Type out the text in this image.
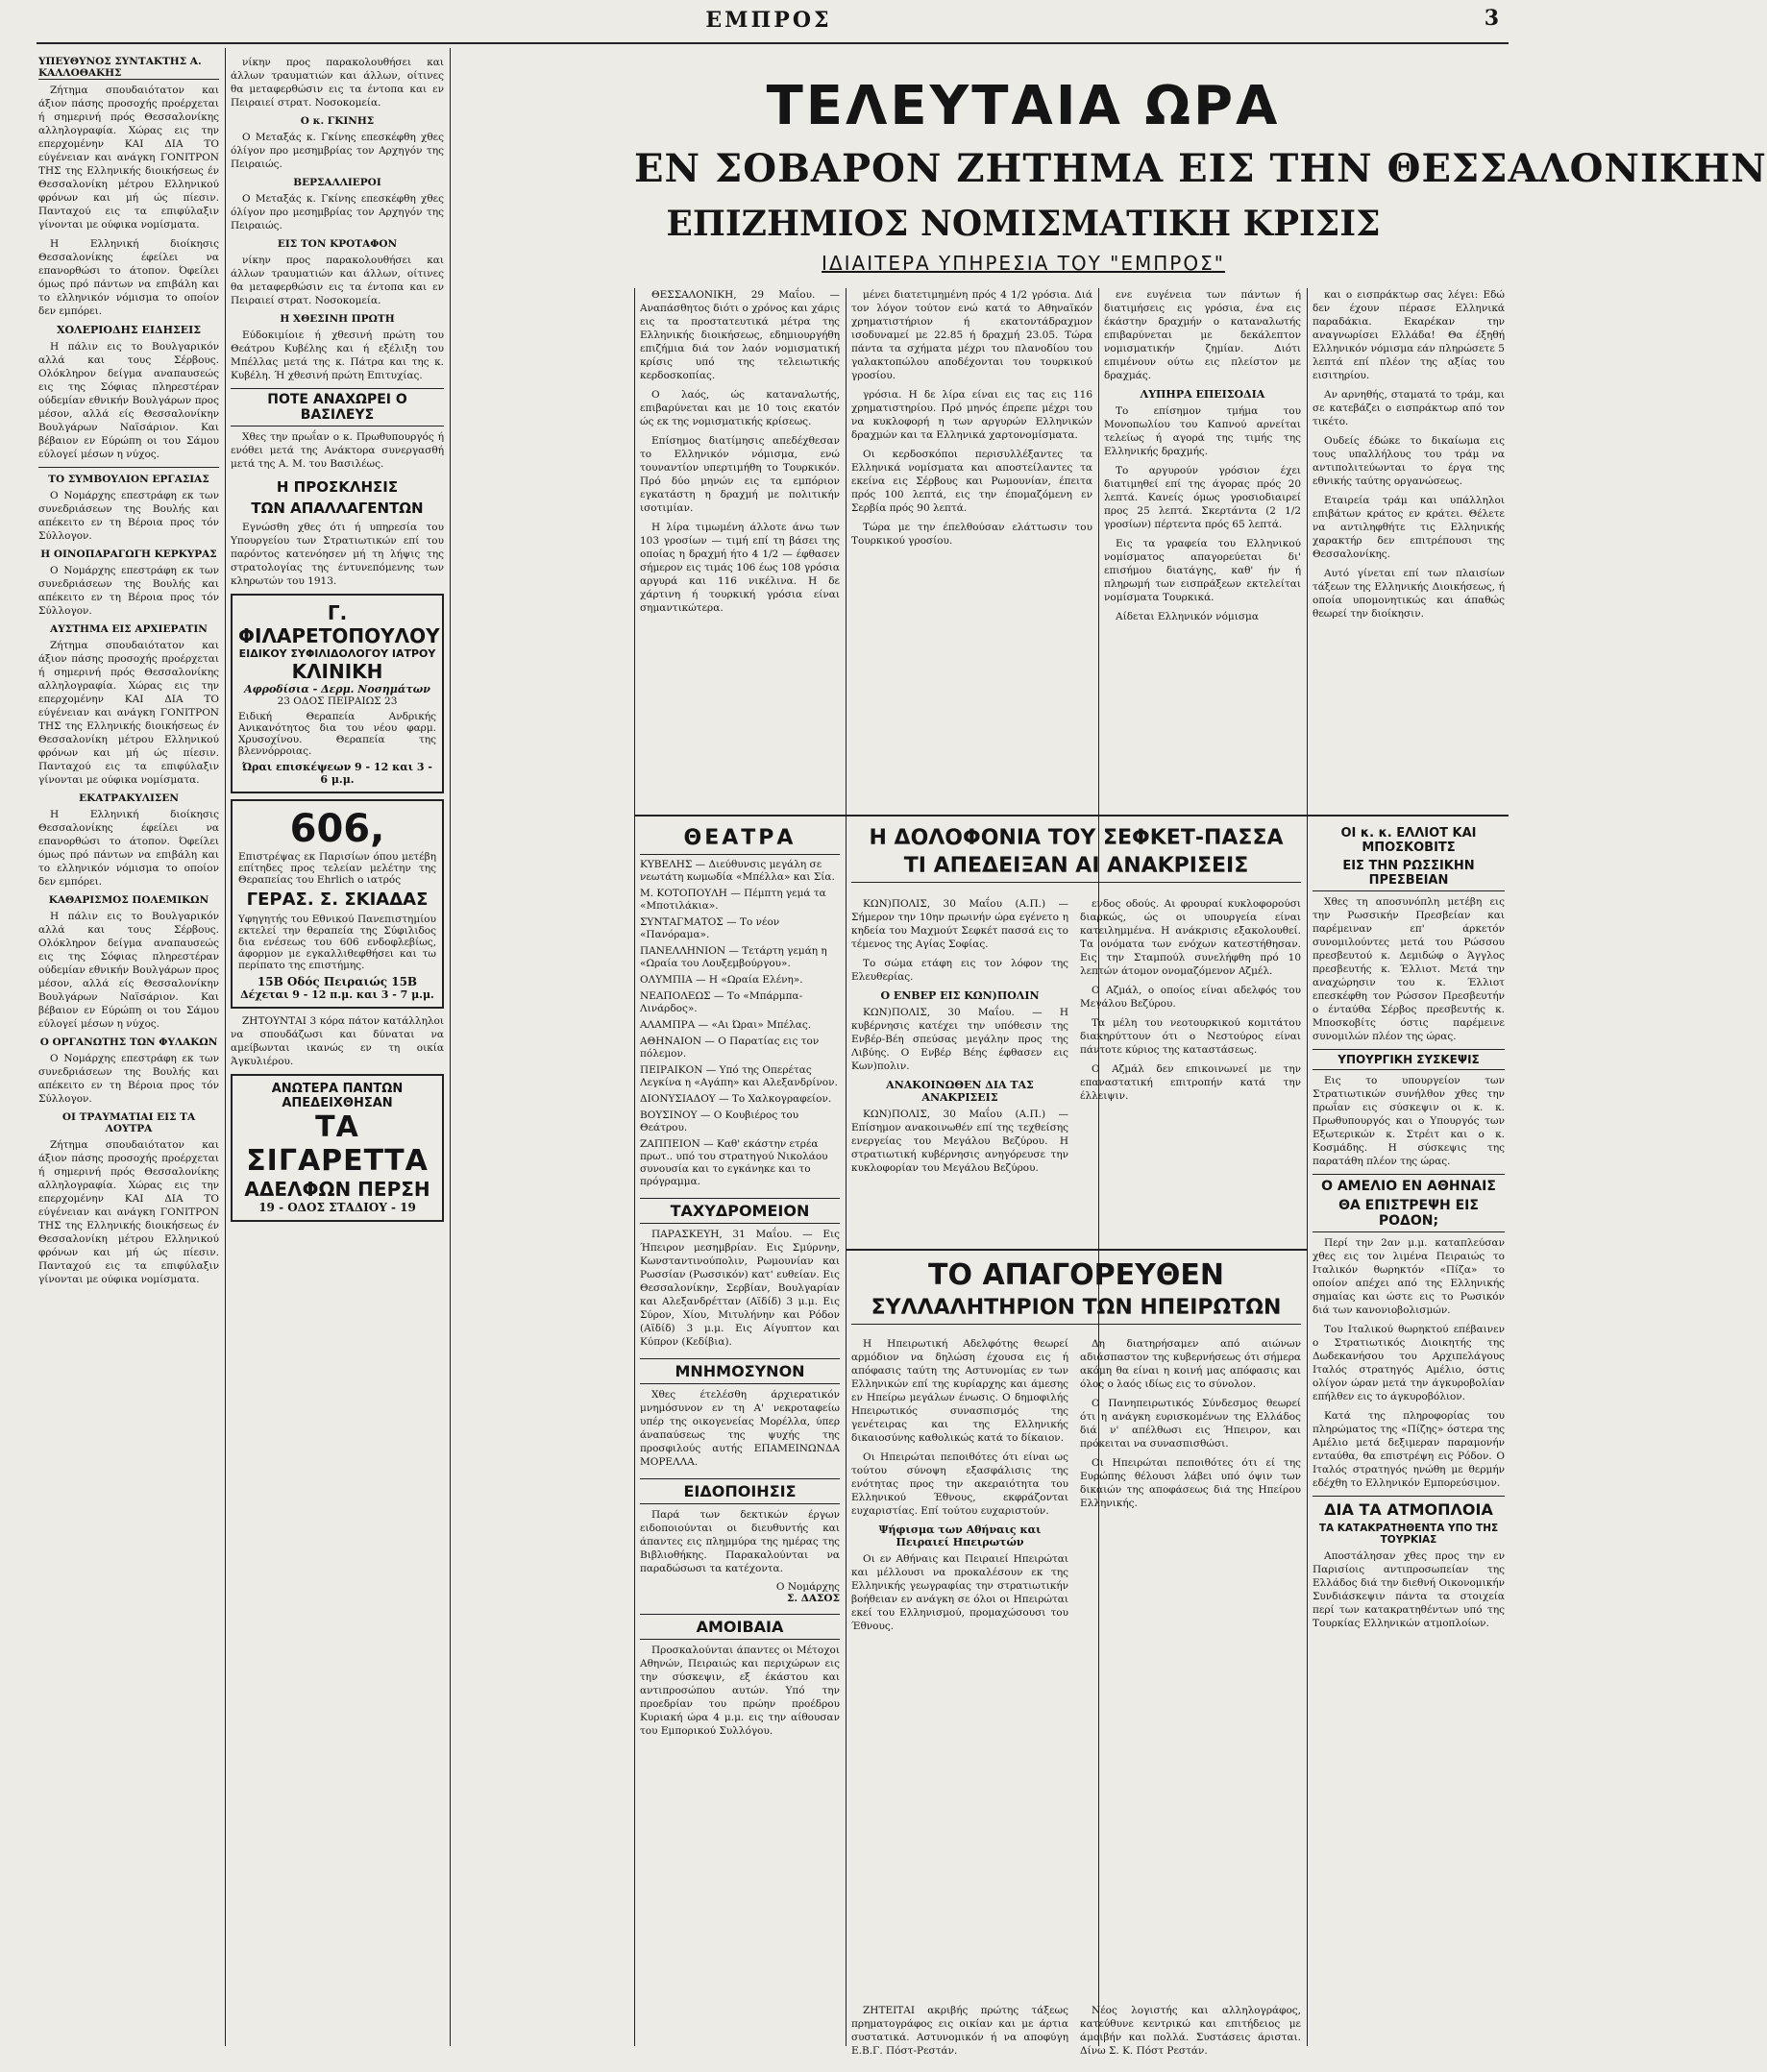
ΕΜΠΡΟΣ	3
ΥΠΕΥΘΥΝΟΣ ΣΥΝΤΑΚΤΗΣ Α. ΚΑΛΛΟΘΑΚΗΣ

Ζήτημα σπουδαιότατον και άξιον πάσης προσοχής προέρχεται ή σημερινή πρός Θεσσαλονίκης αλληλογραφία. Χώρας εις την επερχομένην ΚΑΙ ΔΙΑ ΤΟ εύγένειαν και ανάγκη ΓΟΝΙΤΡΟΝ ΤΗΣ της Ελληνικής διοικήσεως έν Θεσσαλονίκη μέτρου Ελληνικού φρόνων και μή ώς πίεσιν. Πανταχού εις τα επιφύλαξιν γίνονται με ούφικα νομίσματα.

Η Ελληνική διοίκησις Θεσσαλονίκης έφείλει να επανορθώσι το άτοπον. Όφείλει όμως πρό πάντων να επιβάλη και το ελληνικόν νόμισμα το οποίον δεν εμπόρει.

ΧΟΛΕΡΙΟΔΗΣ ΕΙΔΗΣΕΙΣ

Η πάλιν εις το Βουλγαρικόν αλλά και τους Σέρβους. Ολόκληρον δείγμα αναπαυσεώς εις της Σόφιας πληρεστέραν ούδεμίαν εθνικήν Βουλγάρων προς μέσον, αλλά είς Θεσσαλονίκην Βουλγάρων Ναϊσάριον. Και βέβαιον εν Εύρώπη οι του Σάμου εύλογεί μέσων η νύχος.

ΤΟ ΣΥΜΒΟΥΛΙΟΝ ΕΡΓΑΣΙΑΣ

Ο Νομάρχης επεστράφη εκ των συνεδριάσεων της Βουλής και απέκειτο εν τη Βέροια προς τόν Σύλλογον.

Η ΟΙΝΟΠΑΡΑΓΩΓΗ ΚΕΡΚΥΡΑΣ

Ο Νομάρχης επεστράφη εκ των συνεδριάσεων της Βουλής και απέκειτο εν τη Βέροια προς τόν Σύλλογον.

ΑΥΣΤΗΜΑ ΕΙΣ ΑΡΧΙΕΡΑΤΙΝ

Ζήτημα σπουδαιότατον και άξιον πάσης προσοχής προέρχεται ή σημερινή πρός Θεσσαλονίκης αλληλογραφία. Χώρας εις την επερχομένην ΚΑΙ ΔΙΑ ΤΟ εύγένειαν και ανάγκη ΓΟΝΙΤΡΟΝ ΤΗΣ της Ελληνικής διοικήσεως έν Θεσσαλονίκη μέτρου Ελληνικού φρόνων και μή ώς πίεσιν. Πανταχού εις τα επιφύλαξιν γίνονται με ούφικα νομίσματα.

ΕΚΑΤΡΑΚΥΛΙΣΕΝ

Η Ελληνική διοίκησις Θεσσαλονίκης έφείλει να επανορθώσι το άτοπον. Όφείλει όμως πρό πάντων να επιβάλη και το ελληνικόν νόμισμα το οποίον δεν εμπόρει.

ΚΑΘΑΡΙΣΜΟΣ ΠΟΛΕΜΙΚΩΝ

Η πάλιν εις το Βουλγαρικόν αλλά και τους Σέρβους. Ολόκληρον δείγμα αναπαυσεώς εις της Σόφιας πληρεστέραν ούδεμίαν εθνικήν Βουλγάρων προς μέσον, αλλά είς Θεσσαλονίκην Βουλγάρων Ναϊσάριον. Και βέβαιον εν Εύρώπη οι του Σάμου εύλογεί μέσων η νύχος.

Ο ΟΡΓΑΝΩΤΗΣ ΤΩΝ ΦΥΛΑΚΩΝ

Ο Νομάρχης επεστράφη εκ των συνεδριάσεων της Βουλής και απέκειτο εν τη Βέροια προς τόν Σύλλογον.

ΟΙ ΤΡΑΥΜΑΤΙΑΙ ΕΙΣ ΤΑ ΛΟΥΤΡΑ

Ζήτημα σπουδαιότατον και άξιον πάσης προσοχής προέρχεται ή σημερινή πρός Θεσσαλονίκης αλληλογραφία. Χώρας εις την επερχομένην ΚΑΙ ΔΙΑ ΤΟ εύγένειαν και ανάγκη ΓΟΝΙΤΡΟΝ ΤΗΣ της Ελληνικής διοικήσεως έν Θεσσαλονίκη μέτρου Ελληνικού φρόνων και μή ώς πίεσιν. Πανταχού εις τα επιφύλαξιν γίνονται με ούφικα νομίσματα.

νίκην προς παρακολουθήσει και άλλων τραυματιών και άλλων, οίτινες θα μεταφερθώσιν εις τα έντοπα και εν Πειραιεί στρατ. Νοσοκομεία.

Ο κ. ΓΚΙΝΗΣ

Ο Μεταξάς κ. Γκίνης επεσκέφθη χθες όλίγον προ μεσημβρίας τον Αρχηγόν της Πειραιώς.

ΒΕΡΣΑΛΛΙΕΡΟΙ

Ο Μεταξάς κ. Γκίνης επεσκέφθη χθες όλίγον προ μεσημβρίας τον Αρχηγόν της Πειραιώς.

ΕΙΣ ΤΟΝ ΚΡΟΤΑΦΟΝ

νίκην προς παρακολουθήσει και άλλων τραυματιών και άλλων, οίτινες θα μεταφερθώσιν εις τα έντοπα και εν Πειραιεί στρατ. Νοσοκομεία.

Η ΧΘΕΣΙΝΗ ΠΡΩΤΗ

Εύδοκιμίοιε ή χθεσινή πρώτη του Θεάτρου Κυβέλης και ή εξέλιξη του Μπέλλας μετά της κ. Πάτρα και της κ. Κυβέλη. Ή χθεσινή πρώτη Επιτυχίας.

ΠΟΤΕ ΑΝΑΧΩΡΕΙ Ο ΒΑΣΙΛΕΥΣ

Χθες την πρωΐαν ο κ. Πρωθυπουργός ή ενόθει μετά της Ανάκτορα συνεργασθή μετά της Α. Μ. του Βασιλέως.

Η ΠΡΟΣΚΛΗΣΙΣ
ΤΩΝ ΑΠΑΛΛΑΓΕΝΤΩΝ

Εγνώσθη χθες ότι ή υπηρεσία του Υπουργείου των Στρατιωτικών επί του παρόντος κατενόησεν μή τη λήψις της στρατολογίας της έντυνεπόμενης των κληρωτών του 1913.

Γ. ΦΙΛΑΡΕΤΟΠΟΥΛΟΥ
ΕΙΔΙΚΟΥ ΣΥΦΙΛΙΔΟΛΟΓΟΥ ΙΑΤΡΟΥ
ΚΛΙΝΙΚΗ
Αφροδίσια - Δερμ. Νοσημάτων
23 ΟΔΟΣ ΠΕΙΡΑΙΩΣ 23
Ειδική Θεραπεία Ανδρικής Ανικανότητος δια του νέου φαρμ. Χρυσοχίνου. Θεραπεία της βλεννόρροιας.
Ώραι επισκέψεων 9 - 12 και 3 - 6 μ.μ.
606,
Επιστρέψας εκ Παρισίων όπου μετέβη επίτηδες προς τελείαν μελέτην της Θεραπείας του Ehrlich ο ιατρός
ΓΕΡΑΣ. Σ. ΣΚΙΑΔΑΣ
Υφηγητής του Εθνικού Πανεπιστημίου εκτελεί την θεραπεία της Σύφιλιδος δια ενέσεως του 606 ενδοφλεβίως, άφορμον με εγκαλλιθεφθήσει και τω περίπατο της επιστήμης.
15Β Οδός Πειραιώς 15Β
Δέχεται 9 - 12 π.μ. και 3 - 7 μ.μ.

ΖΗΤΟΥΝΤΑΙ 3 κόρα πάτον κατάλληλοι να σπουδάζωσι και δύναται να αμείβωνται ικανώς εν τη οικία Άγκυλιέρου.

ΑΝΩΤΕΡΑ ΠΑΝΤΩΝ ΑΠΕΔΕΙΧΘΗΣΑΝ
ΤΑ ΣΙΓΑΡΕΤΤΑ
ΑΔΕΛΦΩΝ ΠΕΡΣΗ
19 - ΟΔΟΣ ΣΤΑΔΙΟΥ - 19
ΤΕΛΕΥΤΑΙΑ ΩΡΑ
ΕΝ ΣΟΒΑΡΟΝ ΖΗΤΗΜΑ ΕΙΣ ΤΗΝ ΘΕΣΣΑΛΟΝΙΚΗΝ
ΕΠΙΖΗΜΙΟΣ ΝΟΜΙΣΜΑΤΙΚΗ ΚΡΙΣΙΣ
ΙΔΙΑΙΤΕΡΑ ΥΠΗΡΕΣΙΑ ΤΟΥ "ΕΜΠΡΟΣ"

ΘΕΣΣΑΛΟΝΙΚΗ, 29 Μαΐου. — Αναπάσθητος διότι ο χρόνος και χάρις εις τα προστατευτικά μέτρα της Ελληνικής διοικήσεως, εδημιουργήθη επιζήμια διά τον λαόν νομισματική κρίσις υπό της τελειωτικής κερδοσκοπίας.

Ο λαός, ώς καταναλωτής, επιβαρύνεται και με 10 τοις εκατόν ώς εκ της νομισματικής κρίσεως.

Επίσημος διατίμησις απεδέχθεσαν το Ελληνικόν νόμισμα, ενώ τουναντίον υπερτιμήθη το Τουρκικόν. Πρό δύο μηνών εις τα εμπόριον εγκατάστη η δραχμή με πολιτικήν ισοτιμίαν.

Η λίρα τιμωμένη άλλοτε άνω των 103 γροσίων — τιμή επί τη βάσει της οποίας η δραχμή ήτο 4 1/2 — έφθασεν σήμερον εις τιμάς 106 έως 108 γρόσια αργυρά και 116 νικέλινα. Η δε χάρτινη ή τουρκική γρόσια είναι σημαντικώτερα.

μένει διατετιμημένη πρός 4 1/2 γρόσια. Διά τον λόγον τούτον ενώ κατά το Αθηναϊκόν χρηματιστήριον ή εκατοντάδραχμον ισοδυναμεί με 22.85 ή δραχμή 23.05. Τώρα πάντα τα σχήματα μέχρι του πλανοδίου του γαλακτοπώλου αποδέχονται του τουρκικού γροσίου.

γρόσια. Η δε λίρα είναι εις τας εις 116 χρηματιστηρίου. Πρό μηνός έπρεπε μέχρι του να κυκλοφορή η των αργυρών Ελληνικών δραχμών και τα Ελληνικά χαρτονομίσματα.

Οι κερδοσκόποι περισυλλέξαντες τα Ελληνικά νομίσματα και αποστείλαντες τα εκείνα εις Σέρβους και Ρωμουνίαν, έπειτα πρός 100 λεπτά, εις την έπομαζόμενη εν Σερβία πρός 90 λεπτά.

Τώρα με την έπελθούσαν ελάττωσιν του Τουρκικού γροσίου.

ενε ευγένεια των πάντων ή διατιμήσεις εις γρόσια, ένα εις έκάστην δραχμήν ο καταναλωτής επιβαρύνεται με δεκάλεπτον νομισματικήν ζημίαν. Διότι επιμένουν ούτω εις πλείστον με δραχμάς.

ΛΥΠΗΡΑ ΕΠΕΙΣΟΔΙΑ

Το επίσημον τμήμα του Μονοπωλίου του Καπνού αρνείται τελείως ή αγορά της τιμής της Ελληνικής δραχμής.

Το αργυρούν γρόσιον έχει διατιμηθεί επί της άγορας πρός 20 λεπτά. Κανείς όμως γροσιοδιαιρεί προς 25 λεπτά. Σκερτάντα (2 1/2 γροσίων) πέρτεντα πρός 65 λεπτά.

Εις τα γραφεία του Ελληνικού νομίσματος απαγορεύεται δι' επισήμου διατάγης, καθ' ήν ή πληρωμή των εισπράξεων εκτελείται νομίσματα Τουρκικά.

Αίδεται Ελληνικόν νόμισμα

και ο εισπράκτωρ σας λέγει: Εδώ δεν έχουν πέρασε Ελληνικά παραδάκια. Εκαρέκαν την αναγνωρίσει Ελλάδα! Θα έξηθή Ελληνικόν νόμισμα εάν πληρώσετε 5 λεπτά επί πλέον της αξίας του εισιτηρίου.

Αν αρνηθής, σταματά το τράμ, και σε κατεβάζει ο εισπράκτωρ από τον τικέτο.

Ουδείς έδώκε το δικαίωμα εις τους υπαλλήλους του τράμ να αντιπολιτεύωνται το έργα της εθνικής ταύτης οργανώσεως.

Εταιρεία τράμ και υπάλληλοι επιβάτων κράτος εν κράτει. Θέλετε να αντιληφθήτε τις Ελληνικής χαρακτήρ δεν επιτρέπουσι της Θεσσαλονίκης.

Αυτό γίνεται επί των πλαισίων τάξεων της Ελληνικής Διοικήσεως, ή οποία υπομονητικώς και άπαθώς θεωρεί την διοίκησιν.

ΘΕΑΤΡΑ
ΚΥΒΕΛΗΣ — Διεύθυνσις μεγάλη σε νεωτάτη κωμωδία «Μπέλλα» και Σία.
Μ. ΚΟΤΟΠΟΥΛΗ — Πέμπτη γεμά τα «Μποτιλάκια».
ΣΥΝΤΑΓΜΑΤΟΣ — Το νέον «Πανόραμα».
ΠΑΝΕΛΛΗΝΙΟΝ — Τετάρτη γεμάη η «Ωραία του Λουξεμβούργου».
ΟΛΥΜΠΙΑ — Η «Ωραία Ελένη».
ΝΕΑΠΟΛΕΩΣ — Το «Μπάρμπα-Λινάρδος».
ΑΛΑΜΠΡΑ — «Αι Ώραι» Μπέλας.
ΑΘΗΝΑΙΟΝ — Ο Παρατίας εις τον πόλεμον.
ΠΕΙΡΑΙΚΟΝ — Υπό της Οπερέτας Λεγκίνα η «Αγάπη» και Αλεξανδρίνον.
ΔΙΟΝΥΣΙΑΔΟΥ — Το Χαλκογραφείον.
ΒΟΥΣΙΝΟΥ — Ο Κουβιέρος του Θεάτρου.
ΖΑΠΠΕΙΟΝ — Καθ' εκάστην ετρέα πρωτ.. υπό του στρατηγού Νικολάου συνουσία και το εγκάνηκε και το πρόγραμμα.
ΤΑΧΥΔΡΟΜΕΙΟΝ

ΠΑΡΑΣΚΕΥΗ, 31 Μαΐου. — Εις Ήπειρον μεσημβρίαν. Εις Σμύρνην, Κωνσταντινούπολιν, Ρωμουνίαν και Ρωσσίαν (Ρωσσικόν) κατ' ευθείαν. Εις Θεσσαλονίκην, Σερβίαν, Βουλγαρίαν και Αλεξανδρέτταν (Αϊδίδ) 3 μ.μ. Εις Σύρον, Χίου, Μιτυλήνην και Ρόδον (Αϊδίδ) 3 μ.μ. Εις Αίγυπτον και Κύπρον (Κεδίβια).

ΜΝΗΜΟΣΥΝΟΝ

Χθες έτελέσθη άρχιερατικόν μνημόσυνον εν τη Α' νεκροταφείω υπέρ της οικογενείας Μορέλλα, ύπερ άναπαύσεως της ψυχής της προσφιλούς αυτής ΕΠΑΜΕΙΝΩΝΔΑ ΜΟΡΕΛΛΑ.

ΕΙΔΟΠΟΙΗΣΙΣ

Παρά των δεκτικών έργων ειδοποιούνται οι διευθυντής και άπαντες εις πλημμύρα της ημέρας της Βιβλιοθήκης. Παρακαλούνται να παραδώσωσι τα κατέχοντα.

Ο Νομάρχης
Σ. ΔΑΣΟΣ
ΑΜΟΙΒΑΙΑ

Προσκαλούνται άπαντες οι Μέτοχοι Αθηνών, Πειραιώς και περιχώρων εις την σύσκεψιν, εξ έκάστου και αντιπροσώπου αυτών. Υπό την προεδρίαν του πρώην προέδρου Κυριακή ώρα 4 μ.μ. εις την αίθουσαν του Εμπορικού Συλλόγου.

Η ΔΟΛΟΦΟΝΙΑ ΤΟΥ ΣΕΦΚΕΤ-ΠΑΣΣΑ
ΤΙ ΑΠΕΔΕΙΞΑΝ ΑΙ ΑΝΑΚΡΙΣΕΙΣ

ΚΩΝ)ΠΟΛΙΣ, 30 Μαΐου (Α.Π.) — Σήμερον την 10ην πρωινήν ώρα εγένετο η κηδεία του Μαχμούτ Σεφκέτ πασσά εις το τέμενος της Αγίας Σοφίας.

Το σώμα ετάφη εις τον λόφον της Ελευθερίας.

Ο ΕΝΒΕΡ ΕΙΣ ΚΩΝ)ΠΟΛΙΝ

ΚΩΝ)ΠΟΛΙΣ, 30 Μαΐου. — Η κυβέρνησις κατέχει την υπόθεσιν της Ενβέρ-Βέη σπεύσας μεγάλην προς της Λιβύης. Ο Ενβέρ Βέης έφθασεν εις Κων)πολιν.

ΑΝΑΚΟΙΝΩΘΕΝ ΔΙΑ ΤΑΣ ΑΝΑΚΡΙΣΕΙΣ

ΚΩΝ)ΠΟΛΙΣ, 30 Μαΐου (Α.Π.) — Επίσημον ανακοινωθέν επί της τεχθείσης ενεργείας του Μεγάλου Βεζύρου. Η στρατιωτική κυβέρνησις ανηγόρευσε την κυκλοφορίαν του Μεγάλου Βεζύρου.

ενδος οδούς. Αι φρουραί κυκλοφορούσι διαρκώς, ώς οι υπουργεία είναι κατειλημμένα. Η ανάκρισις εξακολουθεί. Τα ονόματα των ενόχων κατεστήθησαν. Εις την Σταμπούλ συνελήφθη πρό 10 λεπτών άτομον ονομαζόμενον Αζμέλ.

Ο Αζμάλ, ο οποίος είναι αδελφός του Μεγάλου Βεζύρου.

Τα μέλη του νεοτουρκικού κομιτάτου διακηρύττουν ότι ο Νεστούρος είναι πάντοτε κύριος της καταστάσεως.

Ο Αζμάλ δεν επικοινωνεί με την επαναστατική επιτροπήν κατά την έλλειψιν.

ΤΟ ΑΠΑΓΟΡΕΥΘΕΝ
ΣΥΛΛΑΛΗΤΗΡΙΟΝ ΤΩΝ ΗΠΕΙΡΩΤΩΝ

Η Ηπειρωτική Αδελφότης θεωρεί αρμόδιον να δηλώση έχουσα εις ή απόφασις ταύτη της Αστυνομίας εν των Ελληνικών επί της κυρίαρχης και άμεσης εν Ηπείρω μεγάλων ένωσις. Ο δημοφιλής Ηπειρωτικός συνασπισμός της γενέτειρας και της Ελληνικής δικαιοσύνης καθολικώς κατά το δίκαιον.

Οι Ηπειρώται πεποιθότες ότι είναι ως τούτου σύνοψη εξασφάλισις της ενότητας προς την ακεραιότητα του Ελληνικού Έθνους, εκφράζονται ευχαριστίας. Επί τούτου ευχαριστούν.

Ψήφισμα των Αθήναις και Πειραιεί Ηπειρωτών

Οι εν Αθήναις και Πειραιεί Ηπειρώται και μέλλουσι να προκαλέσουν εκ της Ελληνικής γεωγραφίας την στρατιωτικήν βοήθειαν εν ανάγκη σε όλοι οι Ηπειρώται εκεί του Ελληνισμού, προμαχώσουσι του Έθνους.

Δη διατηρήσαμεν από αιώνων αδιάσπαστον της κυβερνήσεως ότι σήμερα ακόμη θα είναι η κοινή μας απόφασις και όλος ο λαός ιδίως εις το σύνολον.

Ο Πανηπειρωτικός Σύνδεσμος θεωρεί ότι η ανάγκη ευρισκομένων της Ελλάδος διά ν' απέλθωσι εις Ήπειρον, και πρόκειται να συνασπισθώσι.

Οι Ηπειρώται πεποιθότες ότι εί της Ευρώπης θέλουσι λάβει υπό όψιν των δικαιών της αποφάσεως διά της Ηπείρου Ελληνικής.

ΖΗΤΕΙΤΑΙ ακριβής πρώτης τάξεως πρηματογράφος εις οικίαν και με άρτια συστατικά. Αστυνομικόν ή να αποφύγη Ε.Β.Γ. Πόστ-Ρεστάν.

Νέος λογιστής και αλληλογράφος, κατεύθυνε κεντρικώ και επιτήδειος με άμοιβήν και πολλά. Συστάσεις άρισται. Δίνω Σ. Κ. Πόστ Ρεστάν.

ΟΙ κ. κ. ΕΛΛΙΟΤ ΚΑΙ ΜΠΟΣΚΟΒΙΤΣ
ΕΙΣ ΤΗΝ ΡΩΣΣΙΚΗΝ ΠΡΕΣΒΕΙΑΝ

Χθες τη αποσυνόπλη μετέβη εις την Ρωσσικήν Πρεσβείαν και παρέμειναν επ' άρκετόν συνομιλούντες μετά του Ρώσσου πρεσβευτού κ. Δεμιδώφ ο Άγγλος πρεσβευτής κ. Έλλιοτ. Μετά την αναχώρησιν του κ. Έλλιοτ επεσκέφθη τον Ρώσσον Πρεσβευτήν ο ένταύθα Σέρβος πρεσβευτής κ. Μποσκοβίτς όστις παρέμεινε συνομιλών πλέον της ώρας.

ΥΠΟΥΡΓΙΚΗ ΣΥΣΚΕΨΙΣ

Εις το υπουργείον των Στρατιωτικών συνήλθον χθες την πρωΐαν εις σύσκεψιν οι κ. κ. Πρωθυπουργός και ο Υπουργός των Εξωτερικών κ. Στρέιτ και ο κ. Κοσμάδης. Η σύσκεψις της παρατάθη πλέον της ώρας.

Ο ΑΜΕΛΙΟ ΕΝ ΑΘΗΝΑΙΣ
ΘΑ ΕΠΙΣΤΡΕΨΗ ΕΙΣ ΡΟΔΟΝ;

Περί την 2αν μ.μ. καταπλεύσαν χθες εις τον λιμένα Πειραιώς το Ιταλικόν θωρηκτόν «Πίζα» το οποίον απέχει από της Ελληνικής σημαίας και ώστε εις το Ρωσικόν διά των κανονιοβολισμών.

Του Ιταλικού θωρηκτού επέβαινεν ο Στρατιωτικός Διοικητής της Δωδεκανήσου του Αρχιπελάγους Ιταλός στρατηγός Αμέλιο, όστις ολίγον ώραν μετά την άγκυροβολίαν επήλθεν εις το άγκυροβόλιον.

Κατά της πληροφορίας του πληρώματος της «Πίζης» όστερα της Αμέλιο μετά δεξιμεραν παραμονήν ενταύθα, θα επιστρέψη εις Ρόδον. Ο Ιταλός στρατηγός ηνώθη με θερμήν εδέχθη το Ελληνικόν Εμπορεύσιμον.

ΔΙΑ ΤΑ ΑΤΜΟΠΛΟΙΑ
ΤΑ ΚΑΤΑΚΡΑΤΗΘΕΝΤΑ ΥΠΟ ΤΗΣ ΤΟΥΡΚΙΑΣ

Αποστάλησαν χθες προς την εν Παρισίοις αντιπροσωπείαν της Ελλάδος διά την διεθνή Οικονομικήν Συνδιάσκεψιν πάντα τα στοιχεία περί των κατακρατηθέντων υπό της Τουρκίας Ελληνικών ατμοπλοίων.
